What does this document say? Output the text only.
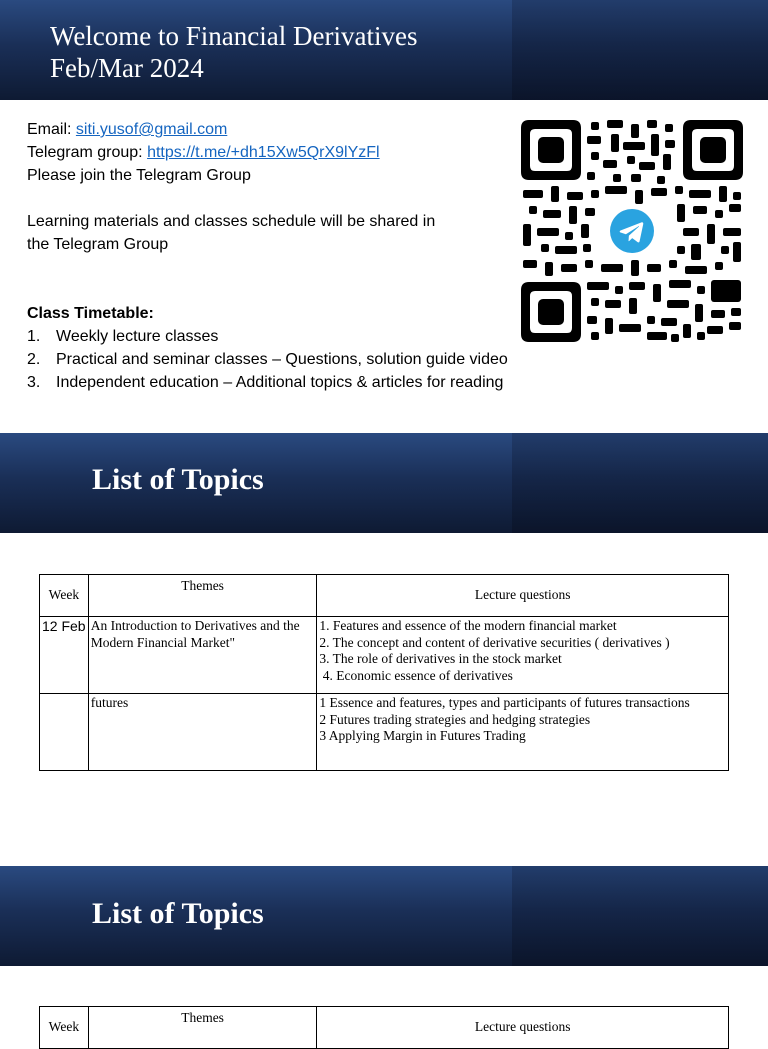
Welcome to Financial Derivatives
Feb/Mar 2024
Email: siti.yusof@gmail.com
Telegram group: https://t.me/+dh15Xw5QrX9lYzFl
Please join the Telegram Group
Learning materials and classes schedule will be shared in
the Telegram Group
Class Timetable:
1. Weekly lecture classes
2. Practical and seminar classes – Questions, solution guide video
3. Independent education – Additional topics & articles for reading
List of Topics
Week	Themes	Lecture questions
12 Feb	An Introduction to Derivatives and the Modern Financial Market"	1. Features and essence of the modern financial market
2. The concept and content of derivative securities ( derivatives )
3. The role of derivatives in the stock market
4. Economic essence of derivatives

	futures	1 Essence and features, types and participants of futures transactions
2 Futures trading strategies and hedging strategies
3 Applying Margin in Futures Trading
List of Topics
Week	Themes	Lecture questions
